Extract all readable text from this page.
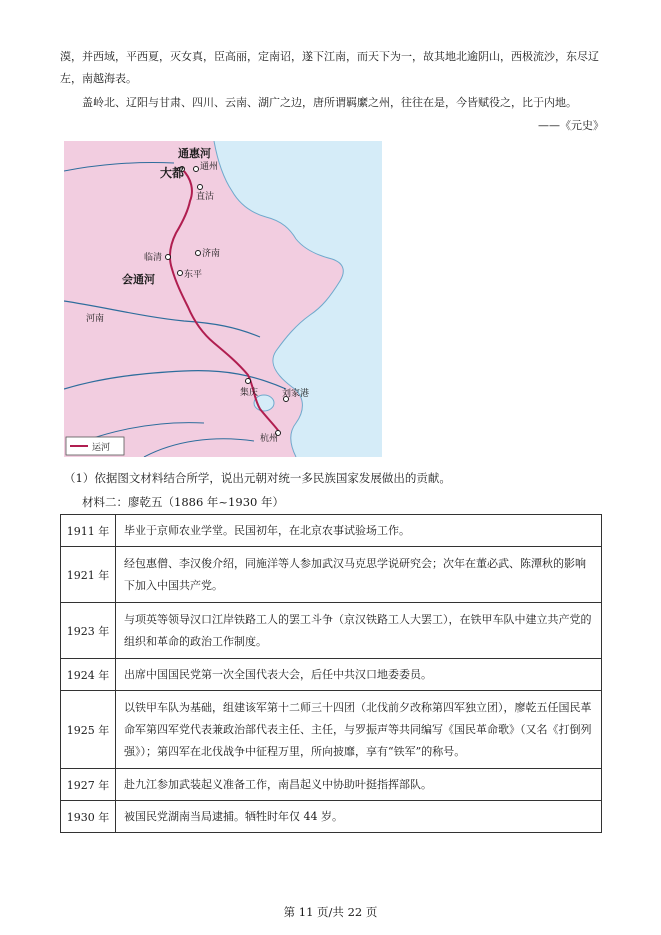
漠，并西域，平西夏，灭女真，臣高丽，定南诏，遂下江南，而天下为一，故其地北逾阴山，西极流沙，东尽辽左，南越海表。

盖岭北、辽阳与甘肃、四川、云南、湖广之边，唐所谓羁縻之州，往往在是，今皆赋役之，比于内地。

——《元史》
通惠河
大都 通州
直沽
临清	济南
东平
会通河
河南
集庆	刘家港
杭州
运河
（1）依据图文材料结合所学，说出元朝对统一多民族国家发展做出的贡献。
材料二：廖乾五（1886 年~1930 年）
1911 年	毕业于京师农业学堂。民国初年，在北京农事试验场工作。
1921 年	经包惠僧、李汉俊介绍，同施洋等人参加武汉马克思学说研究会；次年在董必武、陈潭秋的影响下加入中国共产党。
1923 年	与项英等领导汉口江岸铁路工人的罢工斗争（京汉铁路工人大罢工），在铁甲车队中建立共产党的组织和革命的政治工作制度。
1924 年	出席中国国民党第一次全国代表大会，后任中共汉口地委委员。
1925 年	以铁甲车队为基础，组建该军第十二师三十四团（北伐前夕改称第四军独立团），廖乾五任国民革命军第四军党代表兼政治部代表主任、主任，与罗振声等共同编写《国民革命歌》（又名《打倒列强》）；第四军在北伐战争中征程万里，所向披靡，享有“铁军”的称号。
1927 年	赴九江参加武装起义准备工作，南昌起义中协助叶挺指挥部队。
1930 年	被国民党湖南当局逮捕。牺牲时年仅 44 岁。
第 11 页/共 22 页
